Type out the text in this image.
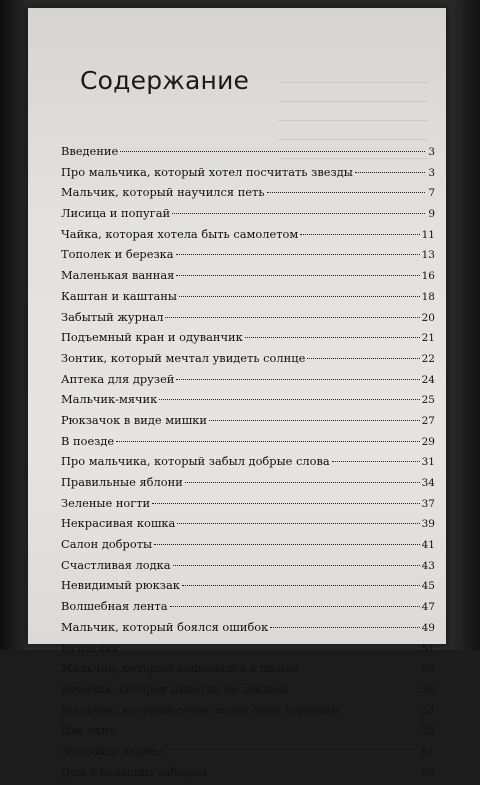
Содержание
Введение	3
Про мальчика, который хотел посчитать звезды	3
Мальчик, который научился петь	7
Лисица и попугай	9
Чайка, которая хотела быть самолетом	11
Тополек и березка	13
Маленькая ванная	16
Каштан и каштаны	18
Забытый журнал	20
Подъемный кран и одуванчик	21
Зонтик, который мечтал увидеть солнце	22
Аптека для друзей	24
Мальчик-мячик	25
Рюкзачок в виде мишки	27
В поезде	29
Про мальчика, который забыл добрые слова	31
Правильные яблони	34
Зеленые ногти	37
Некрасивая кошка	39
Салон доброты	41
Счастливая лодка	43
Невидимый рюкзак	45
Волшебная лента	47
Мальчик, который боялся ошибок	49
Бутончик	51
Мальчик, который волновался в школе	53
Девочка, которая никогда не злилась	55
Мальчик, который очень хотел быть хорошим	57
Два окна	59
Засохшее дерево	61
Дом с большим забором	63
